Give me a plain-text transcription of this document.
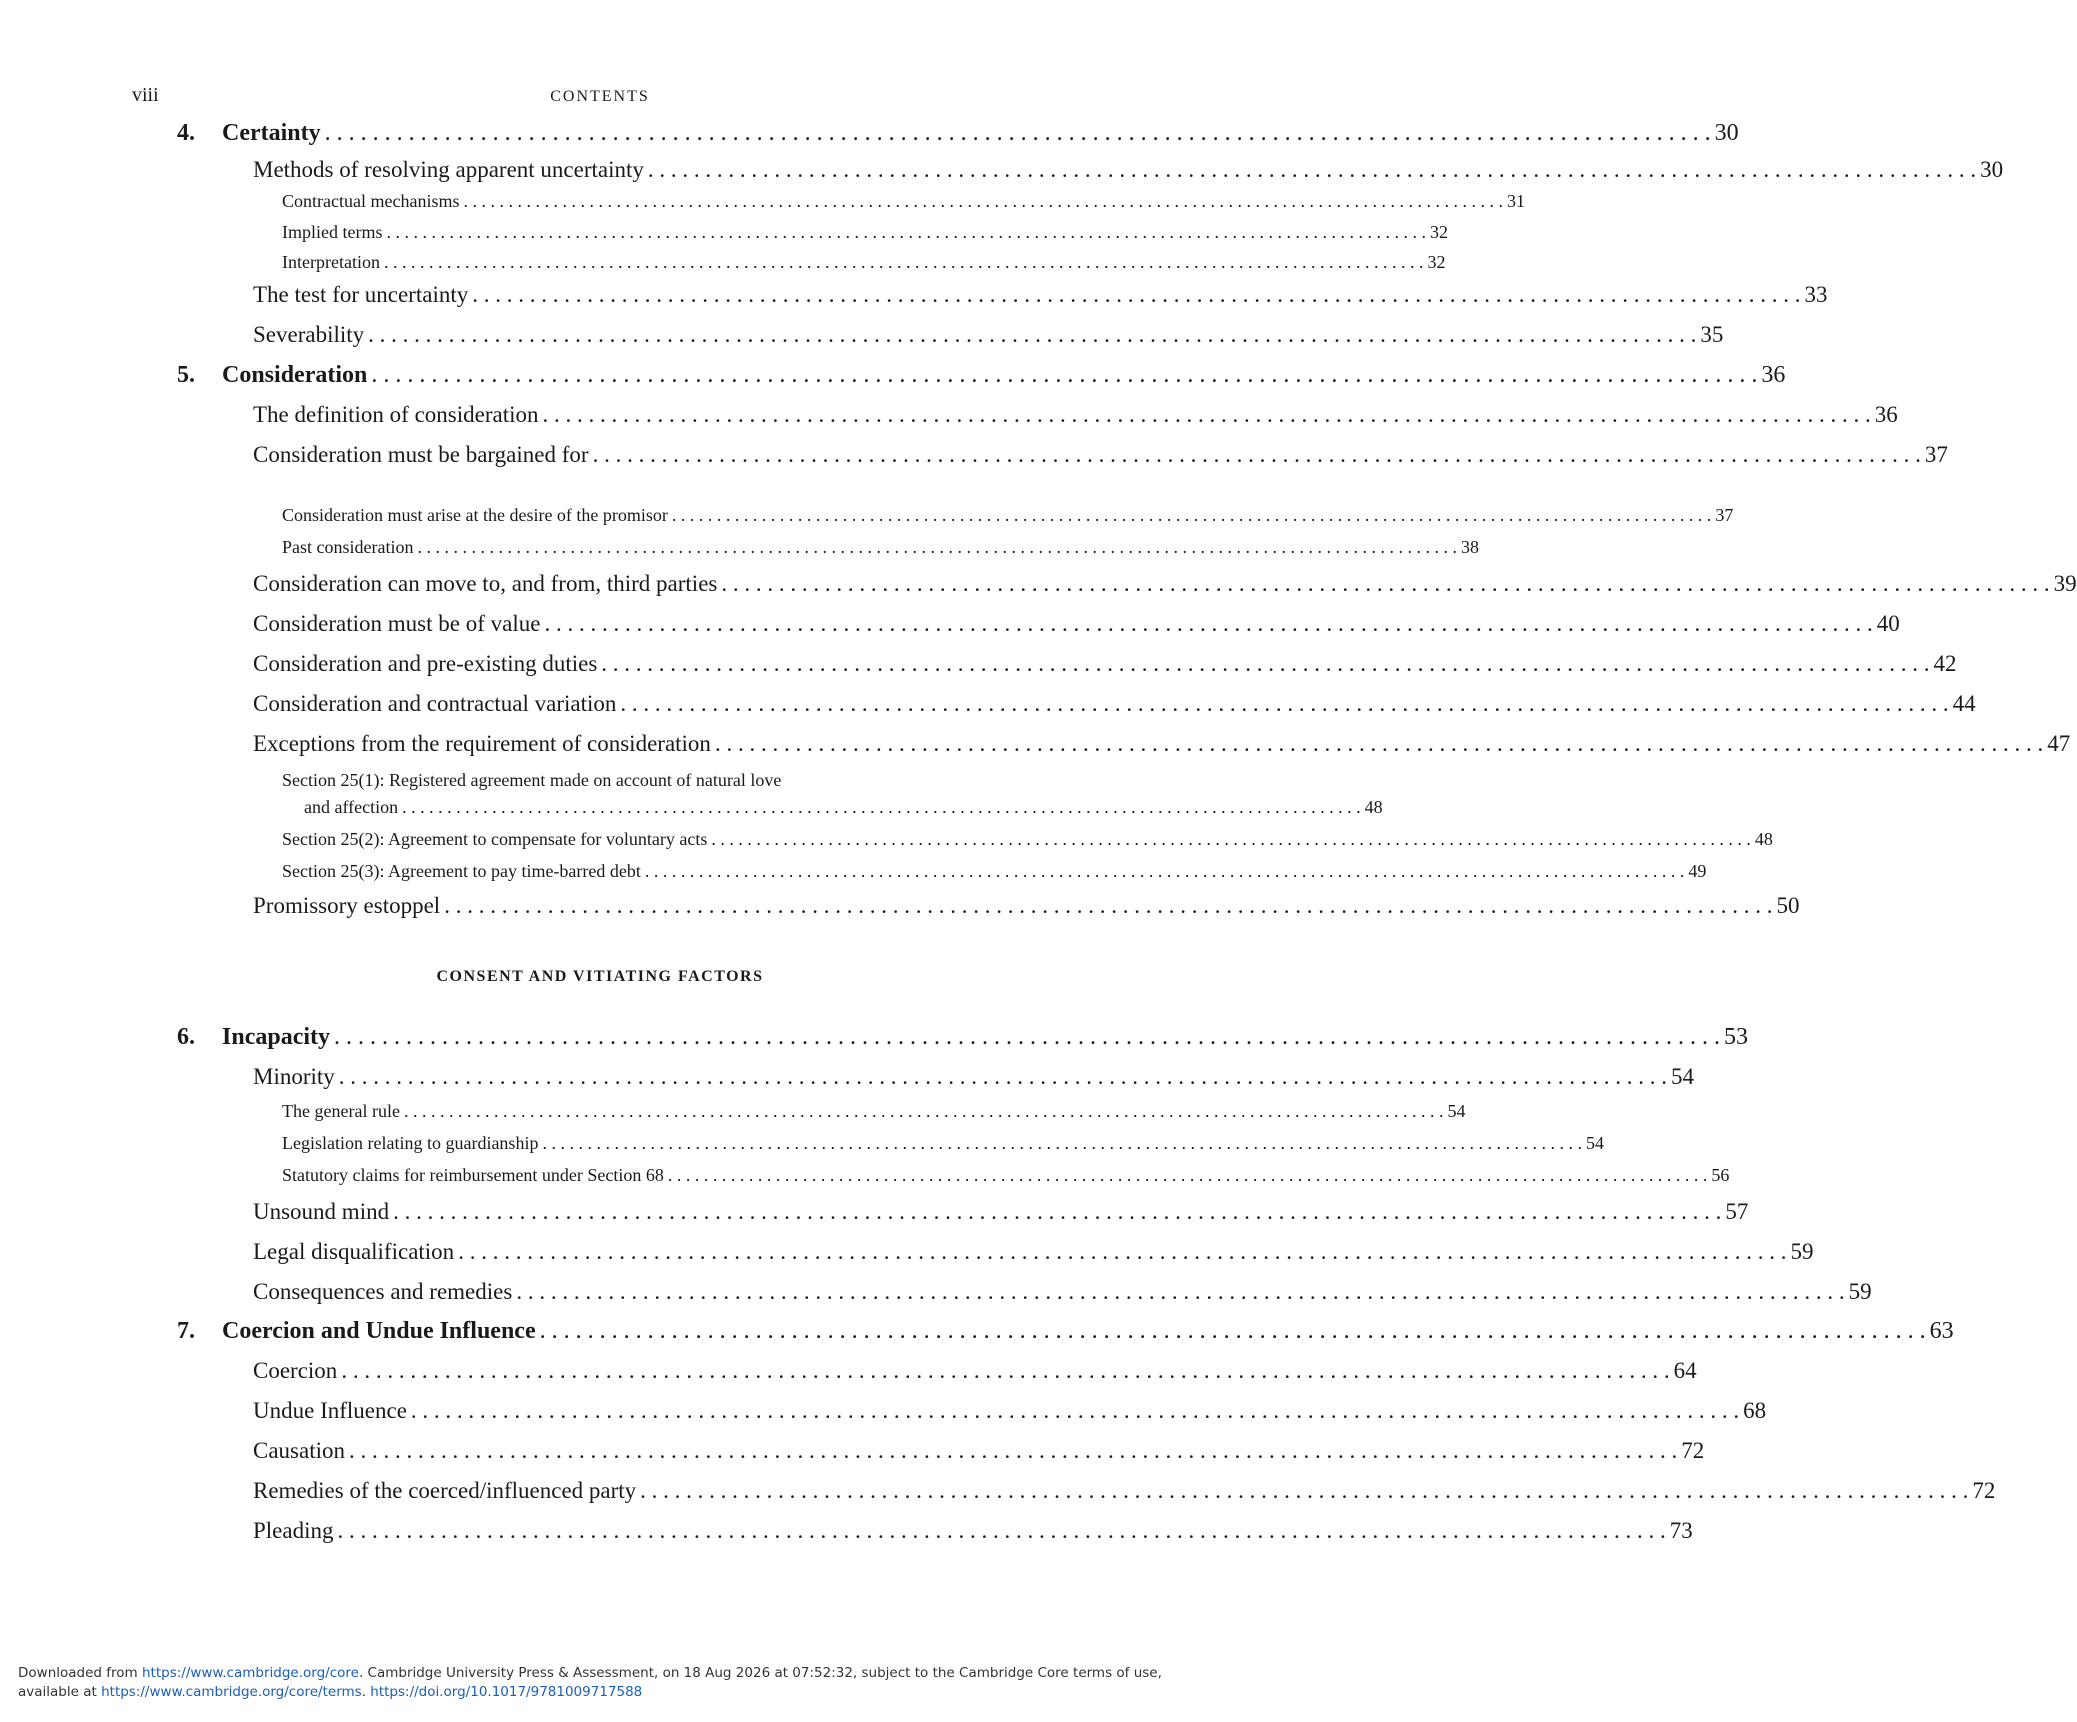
viii	CONTENTS
4. Certainty . . .	30
Methods of resolving apparent uncertainty . . .	30
Contractual mechanisms . . .	31
Implied terms . . .	32
Interpretation . . .	32
The test for uncertainty . . .	33
Severability . . .	35
5. Consideration . . .	36
The definition of consideration . . .	36
Consideration must be bargained for . . .	37
Consideration must arise at the desire of the promisor . . .	37
Past consideration . . .	38
Consideration can move to, and from, third parties . . .	39
Consideration must be of value . . .	40
Consideration and pre-existing duties . . .	42
Consideration and contractual variation . . .	44
Exceptions from the requirement of consideration . . .	47
Section 25(1): Registered agreement made on account of natural love
and affection . . . . . . . . . . . . . . . . . . . . . . . . . . . . . . . . . . . . . . . . . . . . . . . . . . . . . . . . . . . . . . . . . . . . . . . . . . . . . . . . . . . . . . . . . . . . . . . . . . . . . . . . . . . 48
Section 25(2): Agreement to compensate for voluntary acts . . .	48
Section 25(3): Agreement to pay time-barred debt . . .	49
Promissory estoppel . . .	50
CONSENT AND VITIATING FACTORS
6. Incapacity . . .	53
Minority . . .	54
The general rule . . .	54
Legislation relating to guardianship . . .	54
Statutory claims for reimbursement under Section 68 . . .	56
Unsound mind . . .	57
Legal disqualification . . .	59
Consequences and remedies . . .	59
7. Coercion and Undue Influence . . .	63
Coercion . . .	64
Undue Influence . . .	68
Causation . . .	72
Remedies of the coerced/influenced party . . .	72
Pleading . . .	73
Downloaded from https://www.cambridge.org/core. Cambridge University Press & Assessment, on 18 Aug 2026 at 07:52:32, subject to the Cambridge Core terms of use, available at https://www.cambridge.org/core/terms. https://doi.org/10.1017/9781009717588
